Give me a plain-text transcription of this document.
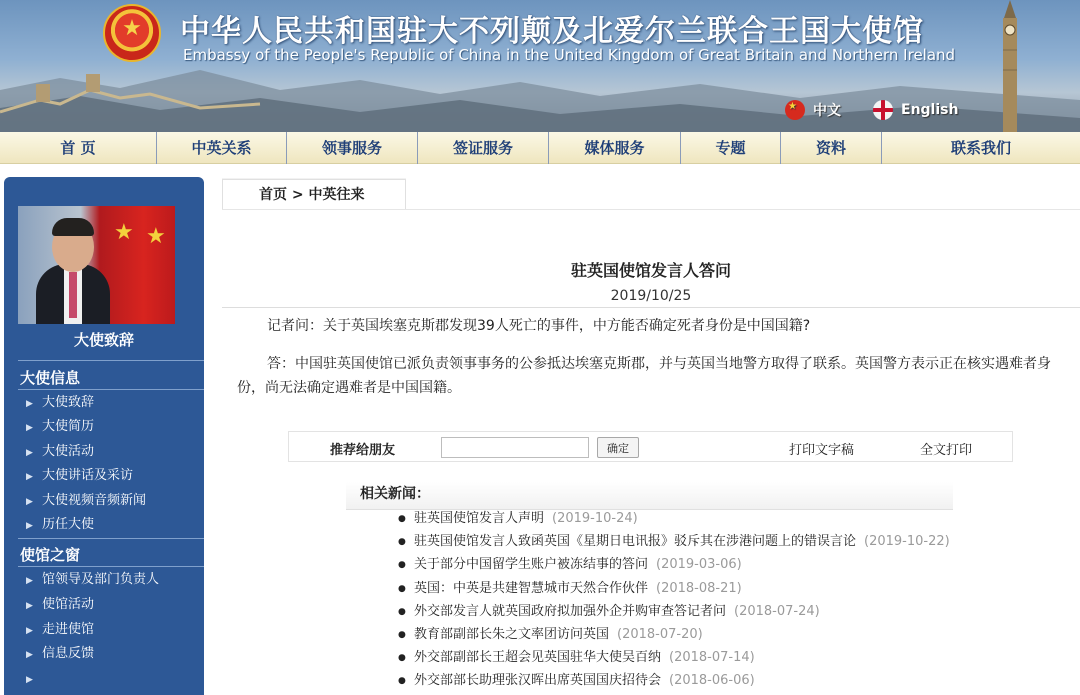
★
中华人民共和国驻大不列颠及北爱尔兰联合王国大使馆
Embassy of the People's Republic of China in the United Kingdom of Great Britain and Northern Ireland
★
中文	English
首 页	中英关系	领事服务	签证服务	媒体服务	专题	资料	联系我们
★ ★
大使致辞
大使信息
▶ 大使致辞
▶ 大使简历
▶ 大使活动
▶ 大使讲话及采访
▶ 大使视频音频新闻
▶ 历任大使
使馆之窗
▶ 馆领导及部门负责人
▶ 使馆活动
▶ 走进使馆
▶ 信息反馈
▶
首页 > 中英往来
驻英国使馆发言人答问
2019/10/25
记者问：关于英国埃塞克斯郡发现39人死亡的事件，中方能否确定死者身份是中国国籍?
答：中国驻英国使馆已派负责领事事务的公参抵达埃塞克斯郡，并与英国当地警方取得了联系。英国警方表示正在核实遇难者身份，尚无法确定遇难者是中国国籍。
推荐给朋友	确定	打印文字稿	全文打印
相关新闻：
● 驻英国使馆发言人声明 (2019-10-24)
● 驻英国使馆发言人致函英国《星期日电讯报》驳斥其在涉港问题上的错误言论 (2019-10-22)
● 关于部分中国留学生账户被冻结事的答问 (2019-03-06)
● 英国：中英是共建智慧城市天然合作伙伴 (2018-08-21)
● 外交部发言人就英国政府拟加强外企并购审查答记者问 (2018-07-24)
● 教育部副部长朱之文率团访问英国 (2018-07-20)
● 外交部副部长王超会见英国驻华大使吴百纳 (2018-07-14)
● 外交部部长助理张汉晖出席英国国庆招待会 (2018-06-06)
